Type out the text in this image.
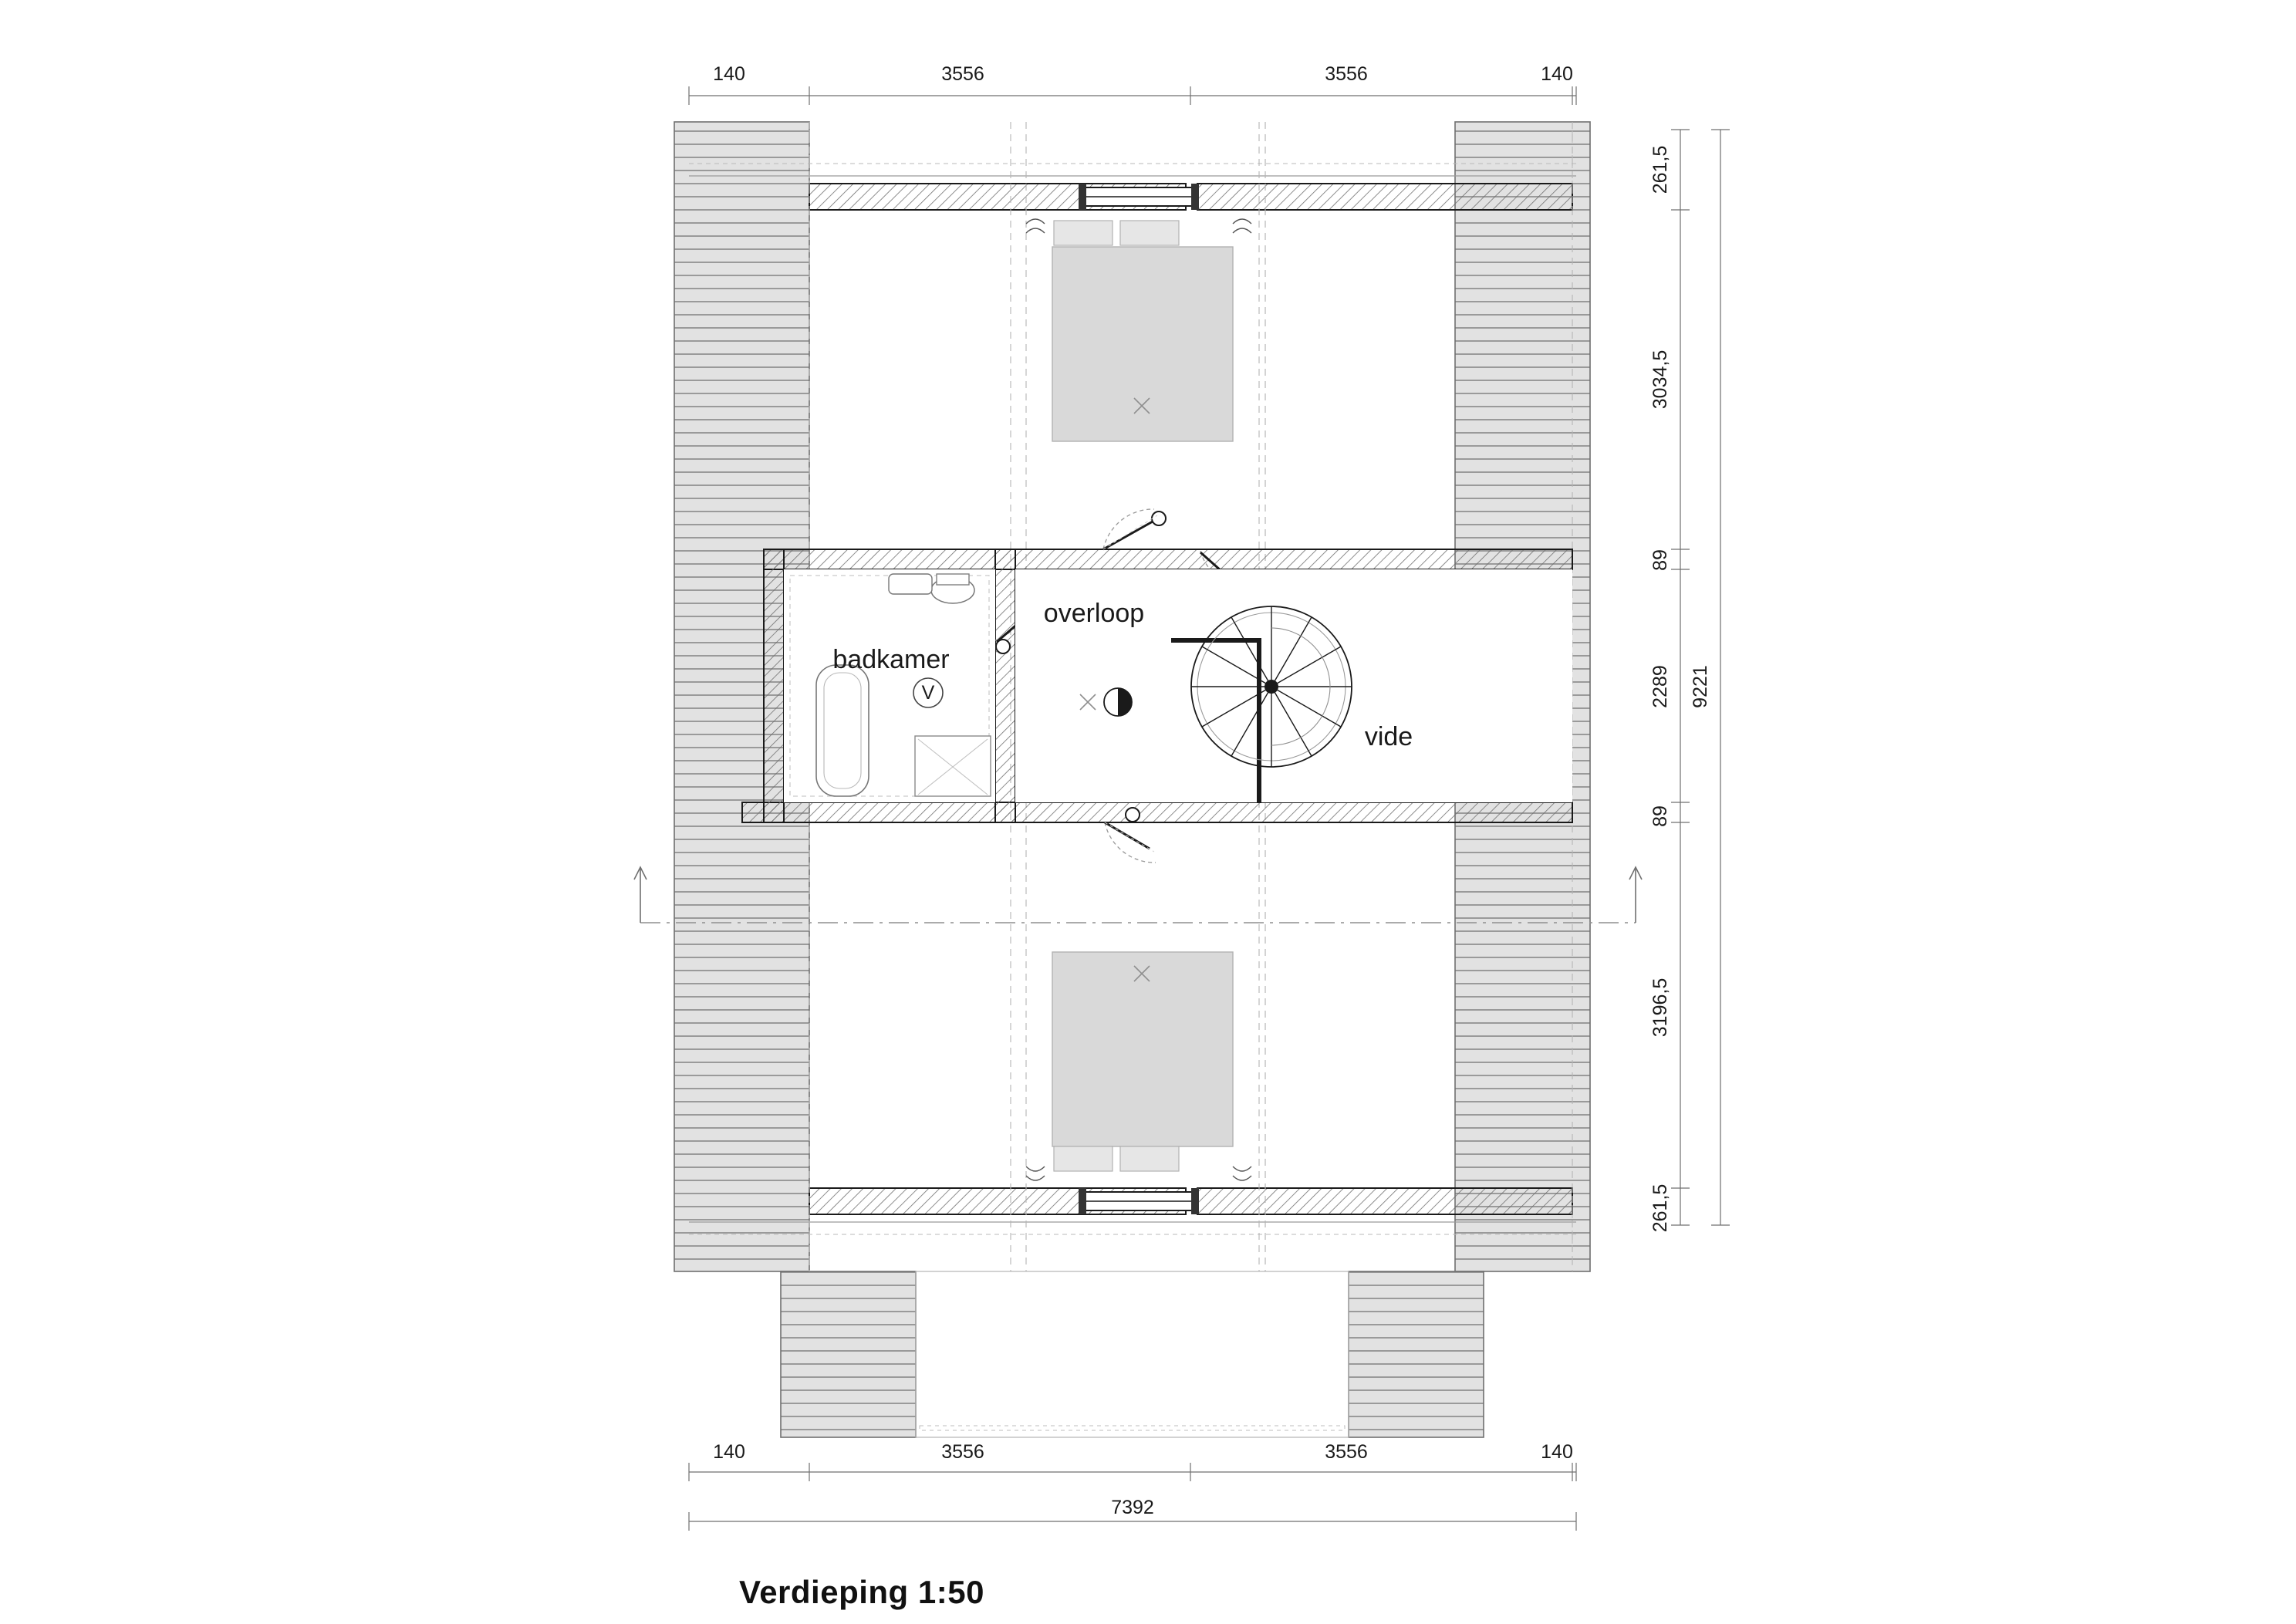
V
badkamer
overloop
vide
140	3556	3556	140
140	3556	3556	140
7392
261,5
3034,5
89
2289
89
3196,5
261,5
9221
Verdieping 1:50
